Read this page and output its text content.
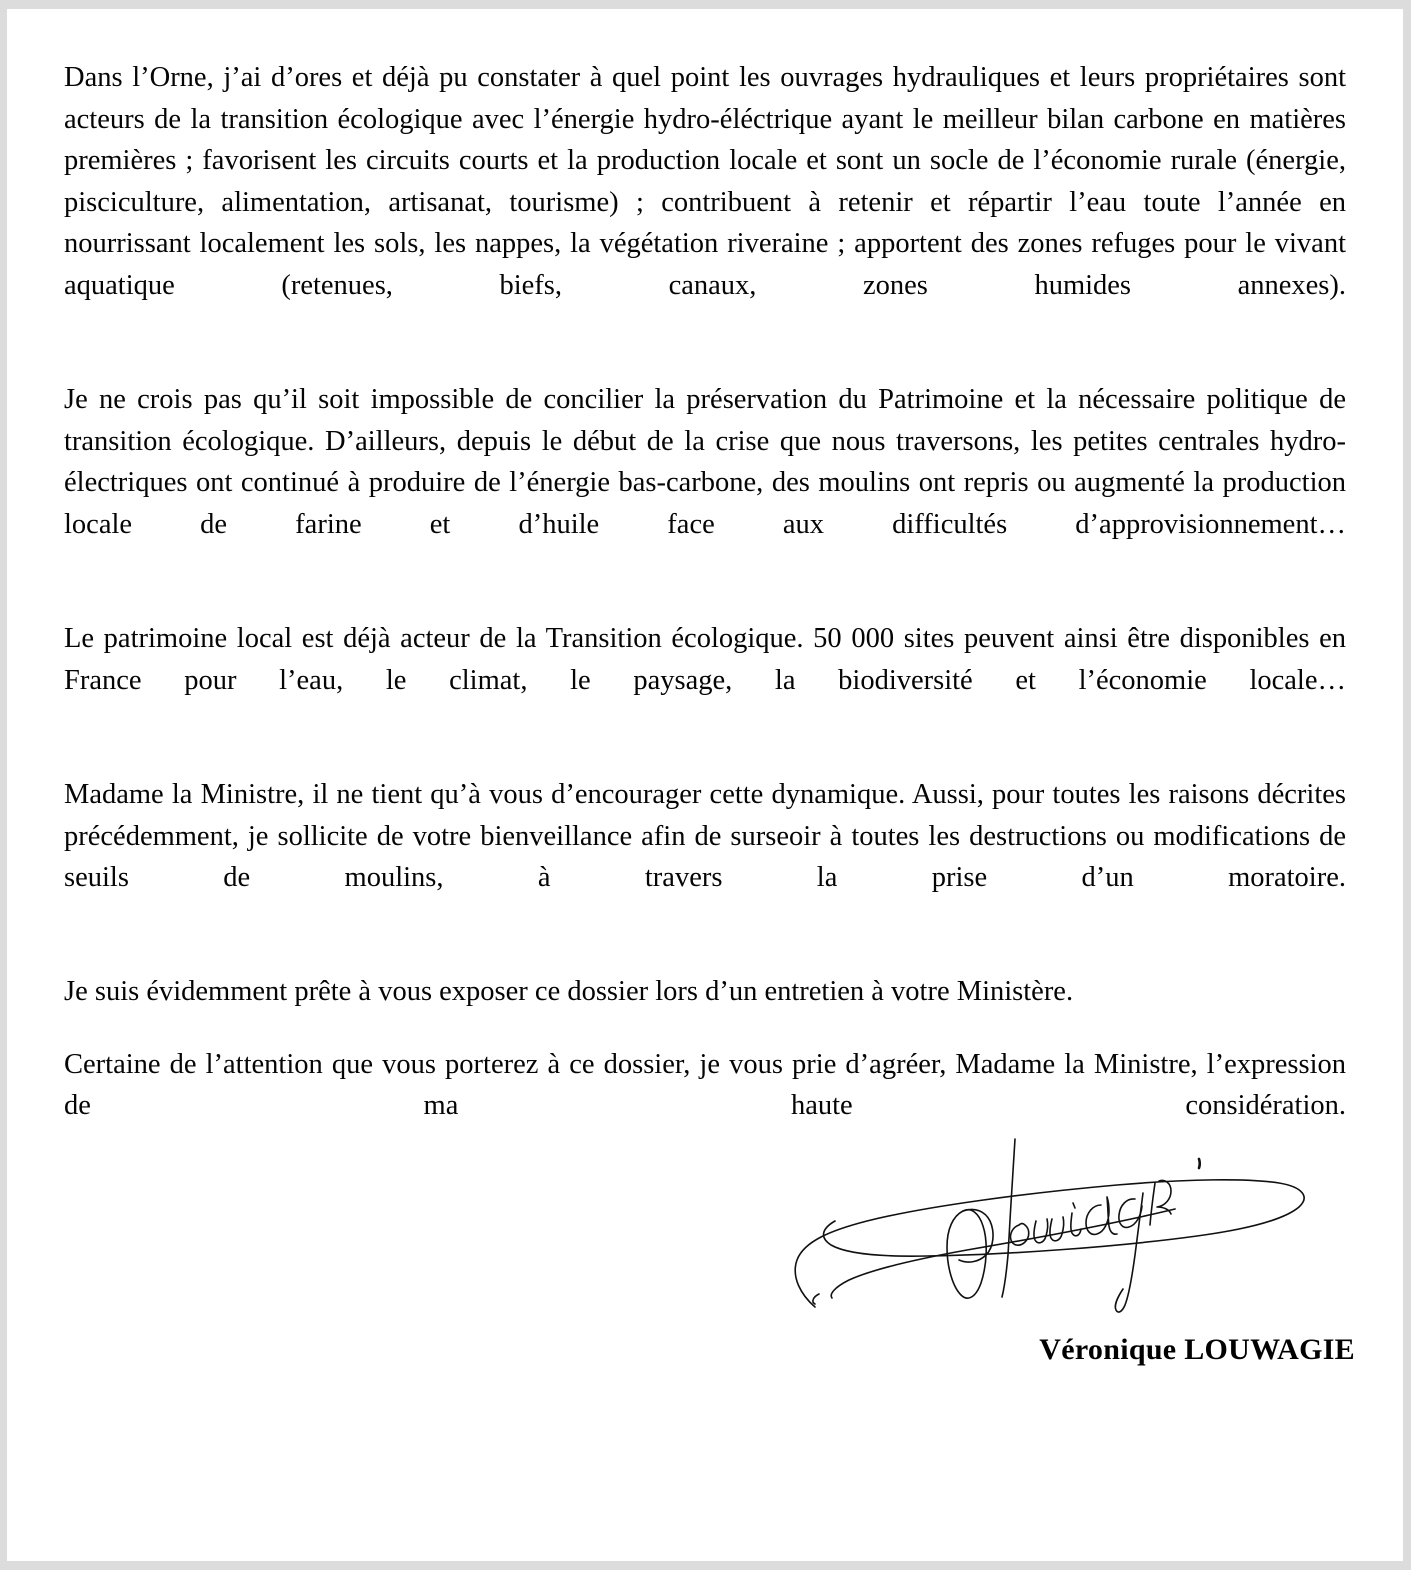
Dans l’Orne, j’ai d’ores et déjà pu constater à quel point les ouvrages hydrauliques et leurs propriétaires sont acteurs de la transition écologique avec l’énergie hydro-éléctrique ayant le meilleur bilan carbone en matières premières ; favorisent les circuits courts et la production locale et sont un socle de l’économie rurale (énergie, pisciculture, alimentation, artisanat, tourisme) ; contribuent à retenir et répartir l’eau toute l’année en nourrissant localement les sols, les nappes, la végétation riveraine ; apportent des zones refuges pour le vivant aquatique (retenues, biefs, canaux, zones humides annexes).

Je ne crois pas qu’il soit impossible de concilier la préservation du Patrimoine et la nécessaire politique de transition écologique. D’ailleurs, depuis le début de la crise que nous traversons, les petites centrales hydro-électriques ont continué à produire de l’énergie bas-carbone, des moulins ont repris ou augmenté la production locale de farine et d’huile face aux difficultés d’approvisionnement…

Le patrimoine local est déjà acteur de la Transition écologique. 50 000 sites peuvent ainsi être disponibles en France pour l’eau, le climat, le paysage, la biodiversité et l’économie locale…

Madame la Ministre, il ne tient qu’à vous d’encourager cette dynamique. Aussi, pour toutes les raisons décrites précédemment, je sollicite de votre bienveillance afin de surseoir à toutes les destructions ou modifications de seuils de moulins, à travers la prise d’un moratoire.

Je suis évidemment prête à vous exposer ce dossier lors d’un entretien à votre Ministère.

Certaine de l’attention que vous porterez à ce dossier, je vous prie d’agréer, Madame la Ministre, l’expression de ma haute considération.

Véronique LOUWAGIE
